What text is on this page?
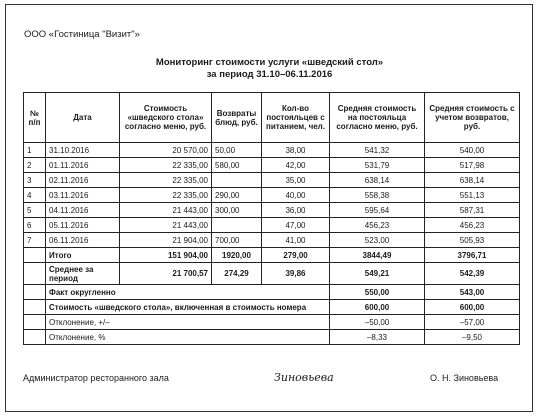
ООО «Гостиница "Визит"»
Мониторинг стоимости услуги «шведский стол»
за период 31.10–06.11.2016
№ п/п	Дата	Стоимость «шведского стола» согласно меню, руб.	Возвраты блюд, руб.	Кол-во постояльцев с питанием, чел.	Средняя стоимость на постояльца согласно меню, руб.	Средняя стоимость с учетом возвратов, руб.
1	31.10.2016	20 570,00	50,00	38,00	541,32	540,00
2	01.11.2016	22 335,00	580,00	42,00	531,79	517,98
3	02.11.2016	22 335,00		35,00	638,14	638,14
4	03.11.2016	22 335,00	290,00	40,00	558,38	551,13
5	04.11.2016	21 443,00	300,00	36,00	595,64	587,31
6	05.11.2016	21 443,00		47,00	456,23	456,23
7	06.11.2016	21 904,00	700,00	41,00	523,00	505,93
	Итого	151 904,00	1920,00	279,00	3844,49	3796,71
	Среднее за период	21 700,57	274,29	39,86	549,21	542,39
	Факт округленно				550,00	543,00
	Стоимость «шведского стола», включенная в стоимость номера				600,00	600,00
	Отклонение, +/–				–50,00	–57,00
	Отклонение, %				–8,33	–9,50
Администратор ресторанного зала	Зиновьева	О. Н. Зиновьева
